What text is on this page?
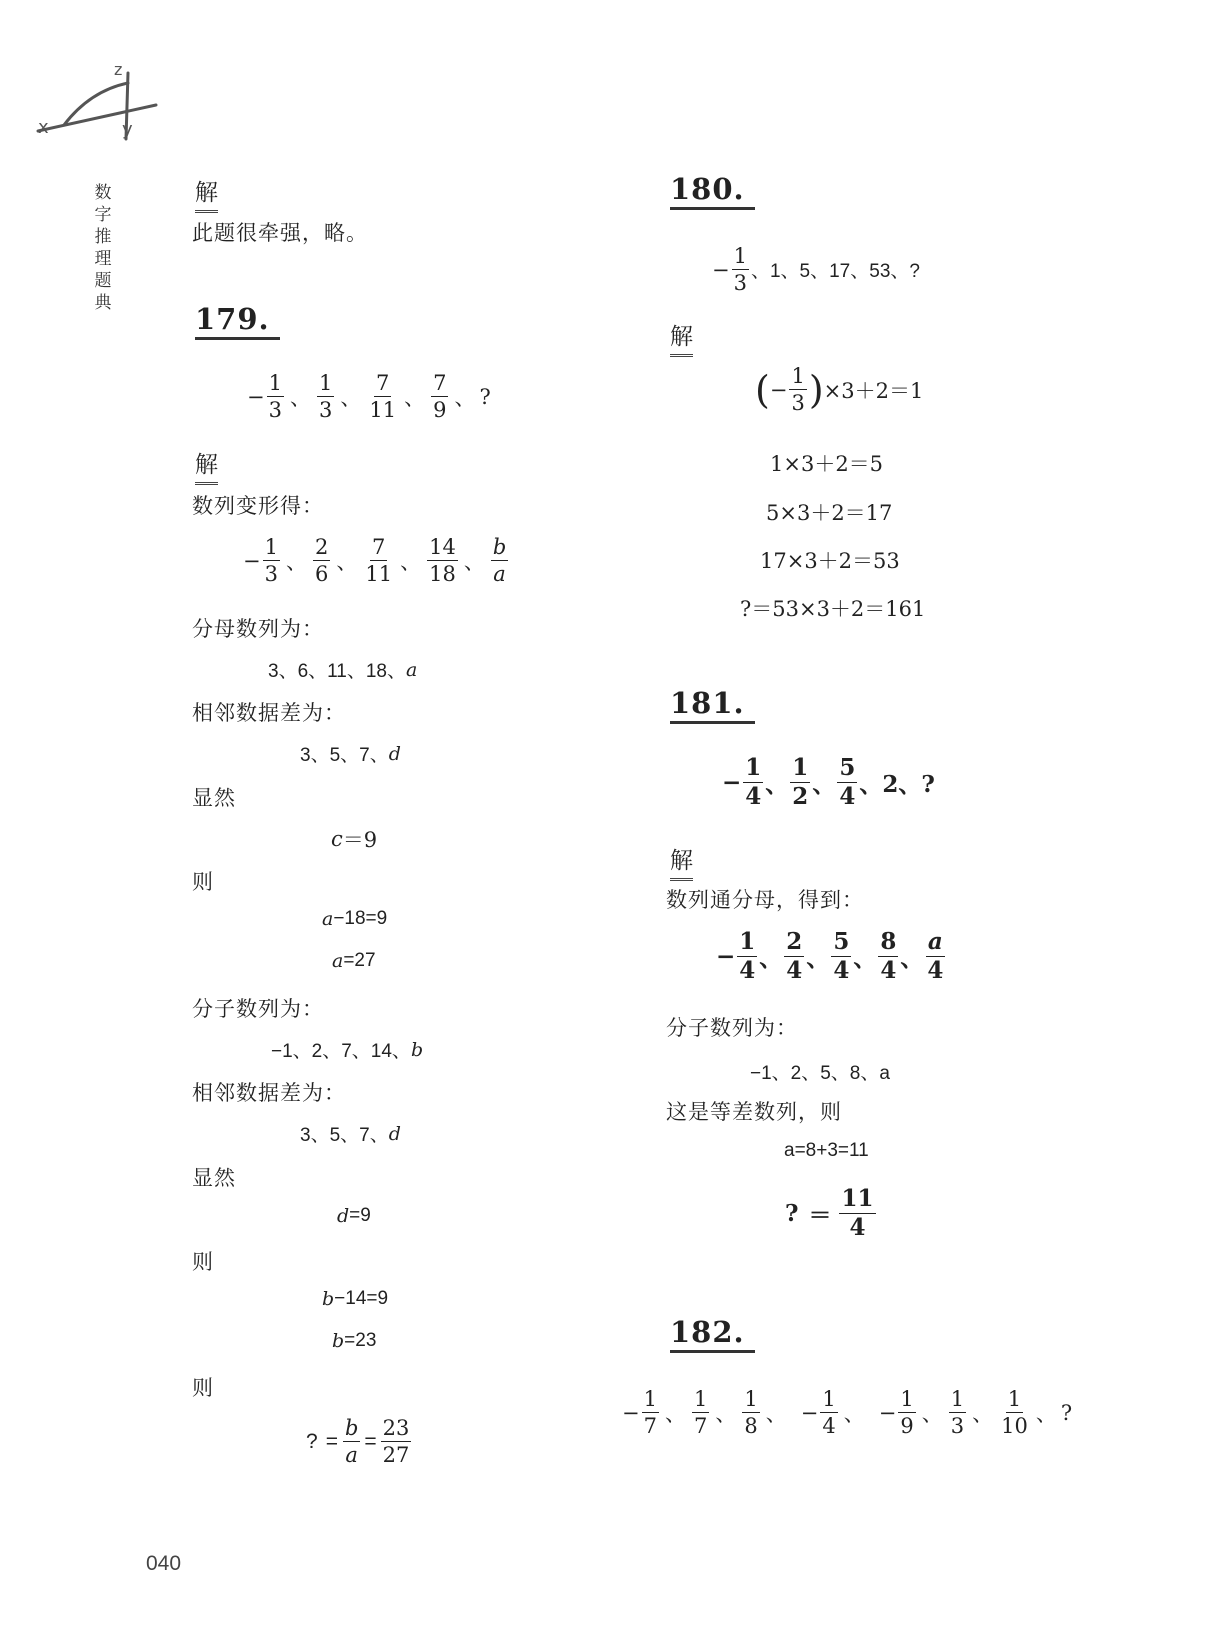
x
z
y
数
字
推
理
题
典
解
此题很牵强，略。
179.
− $\frac{1}{3}$ 、 $\frac{1}{3}$ 、 $\frac{7}{11}$ 、 $\frac{7}{9}$ 、 ?
解
数列变形得：
− $\frac{1}{3}$ 、 $\frac{2}{6}$ 、 $\frac{7}{11}$ 、 $\frac{14}{18}$ 、 $\frac{b}{a}$
分母数列为：
3、6、11、18、 a
相邻数据差为：
3、5、7、 d
显然
c ＝9
则
a −18=9
a =27
分子数列为：
−1、2、7、14、 b
相邻数据差为：
3、5、7、 d
显然
d =9
则
b −14=9
b =23
则
? = $\frac{b}{a} = \frac{23}{27}$
180.
− $\frac{1}{3}$ 、1、5、17、53、?
解
( − $\frac{1}{3}$ ) ×3＋2＝1
1×3＋2＝5
5×3＋2＝17
17×3＋2＝53
?＝53×3＋2＝161
181.
− $\frac{1}{4}$ 、 $\frac{1}{2}$ 、 $\frac{5}{4}$ 、 2、?
解
数列通分母，得到：
− $\frac{1}{4}$ 、 $\frac{2}{4}$ 、 $\frac{5}{4}$ 、 $\frac{8}{4}$ 、 $\frac{a}{4}$
分子数列为：
−1、2、5、8、a
这是等差数列，则
a=8+3=11
? ＝ $\frac{11}{4}$
182.
− $\frac{1}{7}$ 、 $\frac{1}{7}$ 、 $\frac{1}{8}$ 、 − $\frac{1}{4}$ 、 − $\frac{1}{9}$ 、 $\frac{1}{3}$ 、 $\frac{1}{10}$ 、 ?
040
